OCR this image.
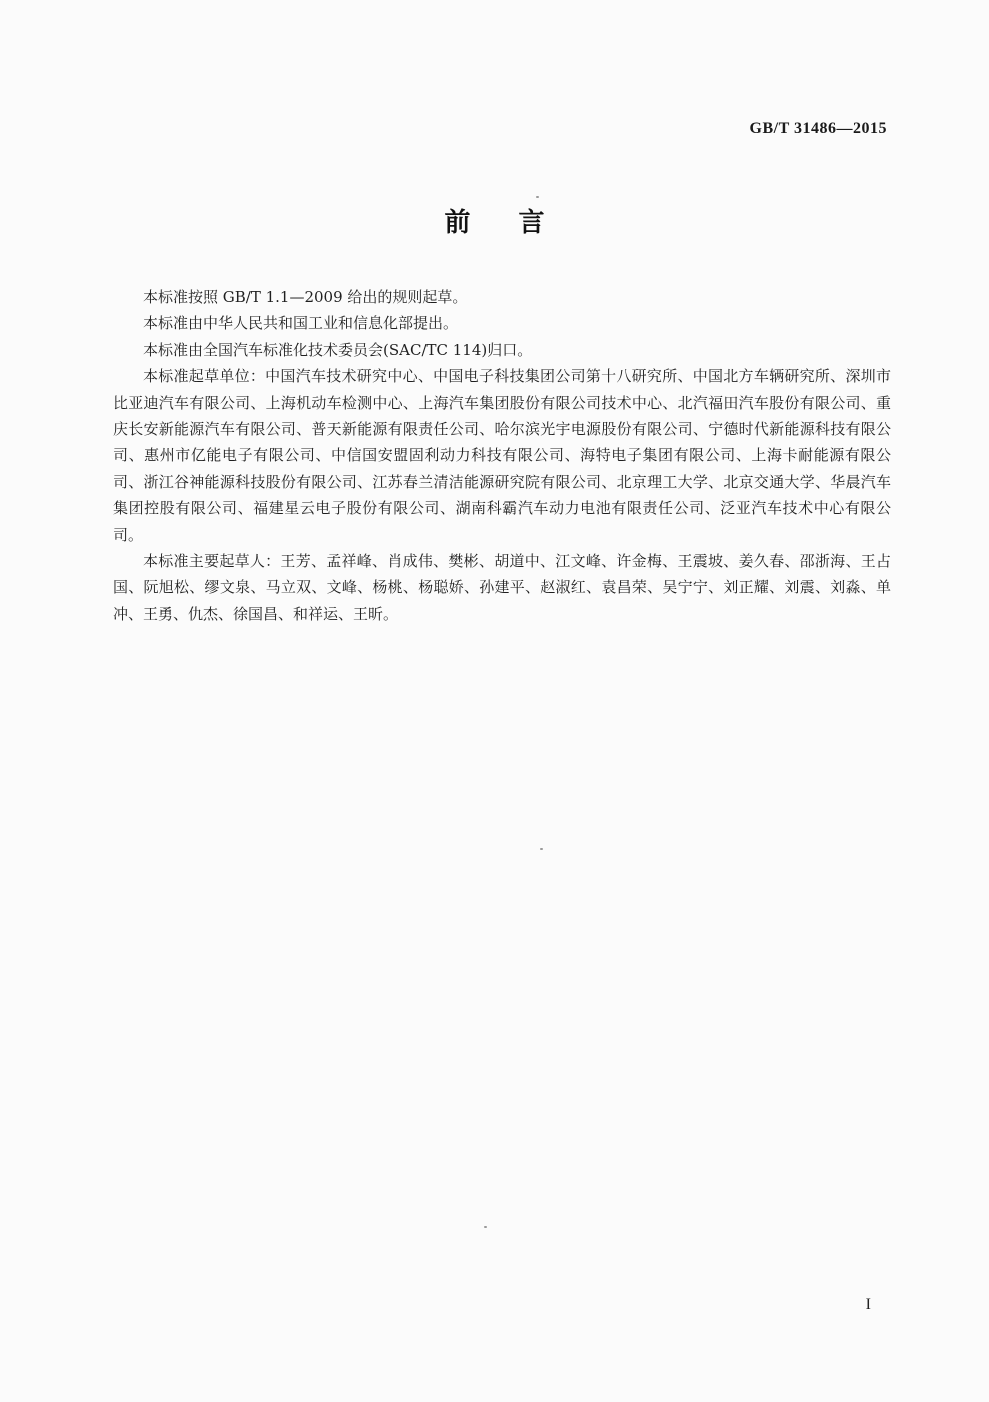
GB/T 31486—2015
前言

本标准按照 GB/T 1.1—2009 给出的规则起草。

本标准由中华人民共和国工业和信息化部提出。

本标准由全国汽车标准化技术委员会(SAC/TC 114)归口。

本标准起草单位：中国汽车技术研究中心、中国电子科技集团公司第十八研究所、中国北方车辆研究所、深圳市比亚迪汽车有限公司、上海机动车检测中心、上海汽车集团股份有限公司技术中心、北汽福田汽车股份有限公司、重庆长安新能源汽车有限公司、普天新能源有限责任公司、哈尔滨光宇电源股份有限公司、宁德时代新能源科技有限公司、惠州市亿能电子有限公司、中信国安盟固利动力科技有限公司、海特电子集团有限公司、上海卡耐能源有限公司、浙江谷神能源科技股份有限公司、江苏春兰清洁能源研究院有限公司、北京理工大学、北京交通大学、华晨汽车集团控股有限公司、福建星云电子股份有限公司、湖南科霸汽车动力电池有限责任公司、泛亚汽车技术中心有限公司。

本标准主要起草人：王芳、孟祥峰、肖成伟、樊彬、胡道中、江文峰、许金梅、王震坡、姜久春、邵浙海、王占国、阮旭松、缪文泉、马立双、文峰、杨桃、杨聪娇、孙建平、赵淑红、袁昌荣、吴宁宁、刘正耀、刘震、刘淼、单冲、王勇、仇杰、徐国昌、和祥运、王昕。

I
